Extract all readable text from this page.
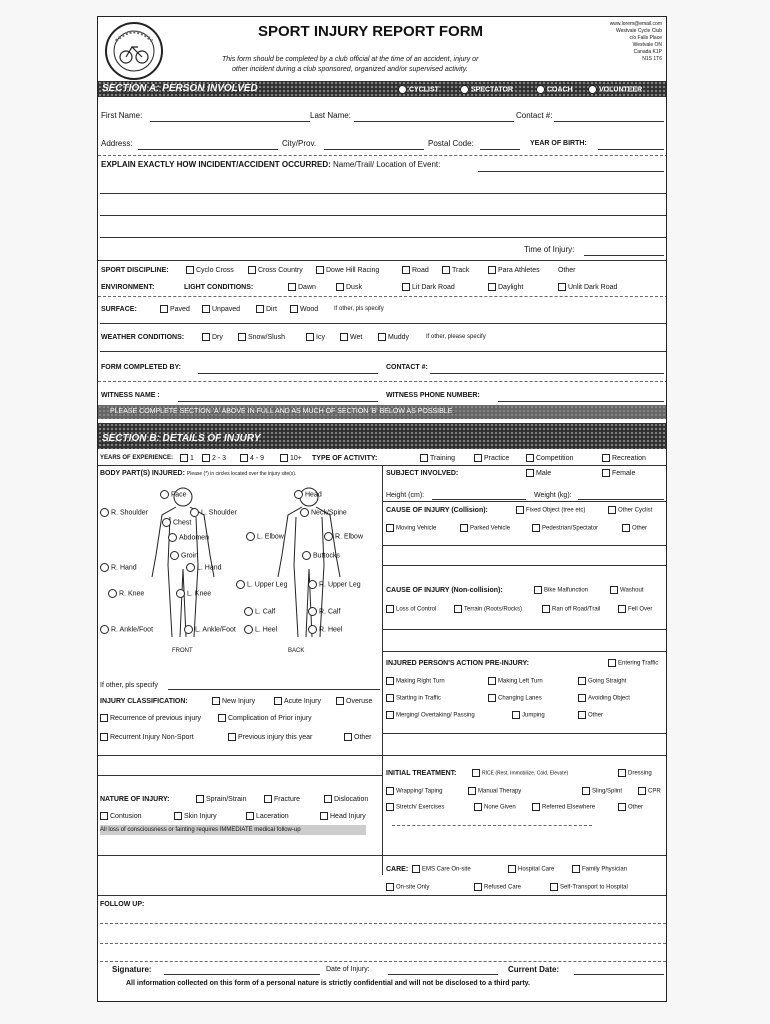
SPORT INJURY REPORT FORM
This form should be completed by a club official at the time of an accident, injury or
other incident during a club sponsored, organized and/or supervised activity.
www.lorem@email.com
Westvale Cycle Club
c/o Falls Place
Westvale ON
Canada K1P
N1S 1T6
SECTION A: PERSON INVOLVED	CYCLIST	SPECTATOR	COACH	VOLUNTEER
First Name:	Last Name:	Contact #:
Address:	City/Prov.	Postal Code:	YEAR OF BIRTH:
EXPLAIN EXACTLY HOW INCIDENT/ACCIDENT OCCURRED: Name/Trail/ Location of Event:
Time of Injury:
SPORT DISCIPLINE:	Cyclo Cross	Cross Country	Dowe Hill Racing	Road	Track	Para Athletes	Other
ENVIRONMENT:	LIGHT CONDITIONS:	Dawn	Dusk	Lit Dark Road	Daylight	Unlit Dark Road
SURFACE:	Paved	Unpaved	Dirt	Wood	If other, pls specify
WEATHER CONDITIONS:	Dry	Snow/Slush	Icy	Wet	Muddy	If other, please specify
FORM COMPLETED BY:	CONTACT #:
WITNESS NAME :	WITNESS PHONE NUMBER:
PLEASE COMPLETE SECTION 'A' ABOVE IN FULL AND AS MUCH OF SECTION 'B' BELOW AS POSSIBLE
SECTION B: DETAILS OF INJURY
YEARS OF EXPERIENCE:	1	2 - 3	4 - 9	10+ TYPE OF ACTIVITY:	Training	Practice	Competition	Recreation
BODY PART(S) INJURED: Please (*) in circles located over the injury site(s).
Face
R. Shoulder	L. Shoulder
Chest
Abdomen
Groin
R. Hand	L. Hand
R. Knee	L. Knee
R. Ankle/Foot	L. Ankle/Foot
FRONT
Head
Neck/Spine
L. Elbow	R. Elbow
Buttocks
L. Upper Leg	R. Upper Leg
L. Calf	R. Calf
L. Heel	R. Heel
BACK
If other, pls specify
INJURY CLASSIFICATION:	New Injury	Acute Injury	Overuse
Recurrence of previous injury	Complication of Prior injury
Recurrent Injury Non-Sport	Previous injury this year	Other
NATURE OF INJURY:	Sprain/Strain	Fracture	Dislocation
Contusion	Skin Injury	Laceration	Head Injury
All loss of consciousness or fainting requires IMMEDIATE medical follow-up
SUBJECT INVOLVED:	Male	Female
Height (cm):	Weight (kg):
CAUSE OF INJURY (Collision):	Fixed Object (tree etc)	Other Cyclist
Moving Vehicle	Parked Vehicle	Pedestrian/Spectator	Other
CAUSE OF INJURY (Non-collision):	Bike Malfunction	Washout
Loss of Control	Terrain (Roots/Rocks)	Ran off Road/Trail	Fell Over
INJURED PERSON'S ACTION PRE-INJURY:	Entering Traffic
Making Right Turn	Making Left Turn	Going Straight
Starting in Traffic	Changing Lanes	Avoiding Object
Merging/ Overtaking/ Passing	Jumping	Other
INITIAL TREATMENT:	RICE (Rest, Immobilize, Cold, Elevate)	Dressing
Wrapping/ Taping	Manual Therapy	Sling/Splint	CPR
Stretch/ Exercises	None Given	Referred Elsewhere	Other
CARE:	EMS Care On-site	Hospital Care	Family Physician
On-site Only	Refused Care	Self-Transport to Hospital
FOLLOW UP:
Signature:	Date of Injury:	Current Date:
All information collected on this form of a personal nature is strictly confidential and will not be disclosed to a third party.
